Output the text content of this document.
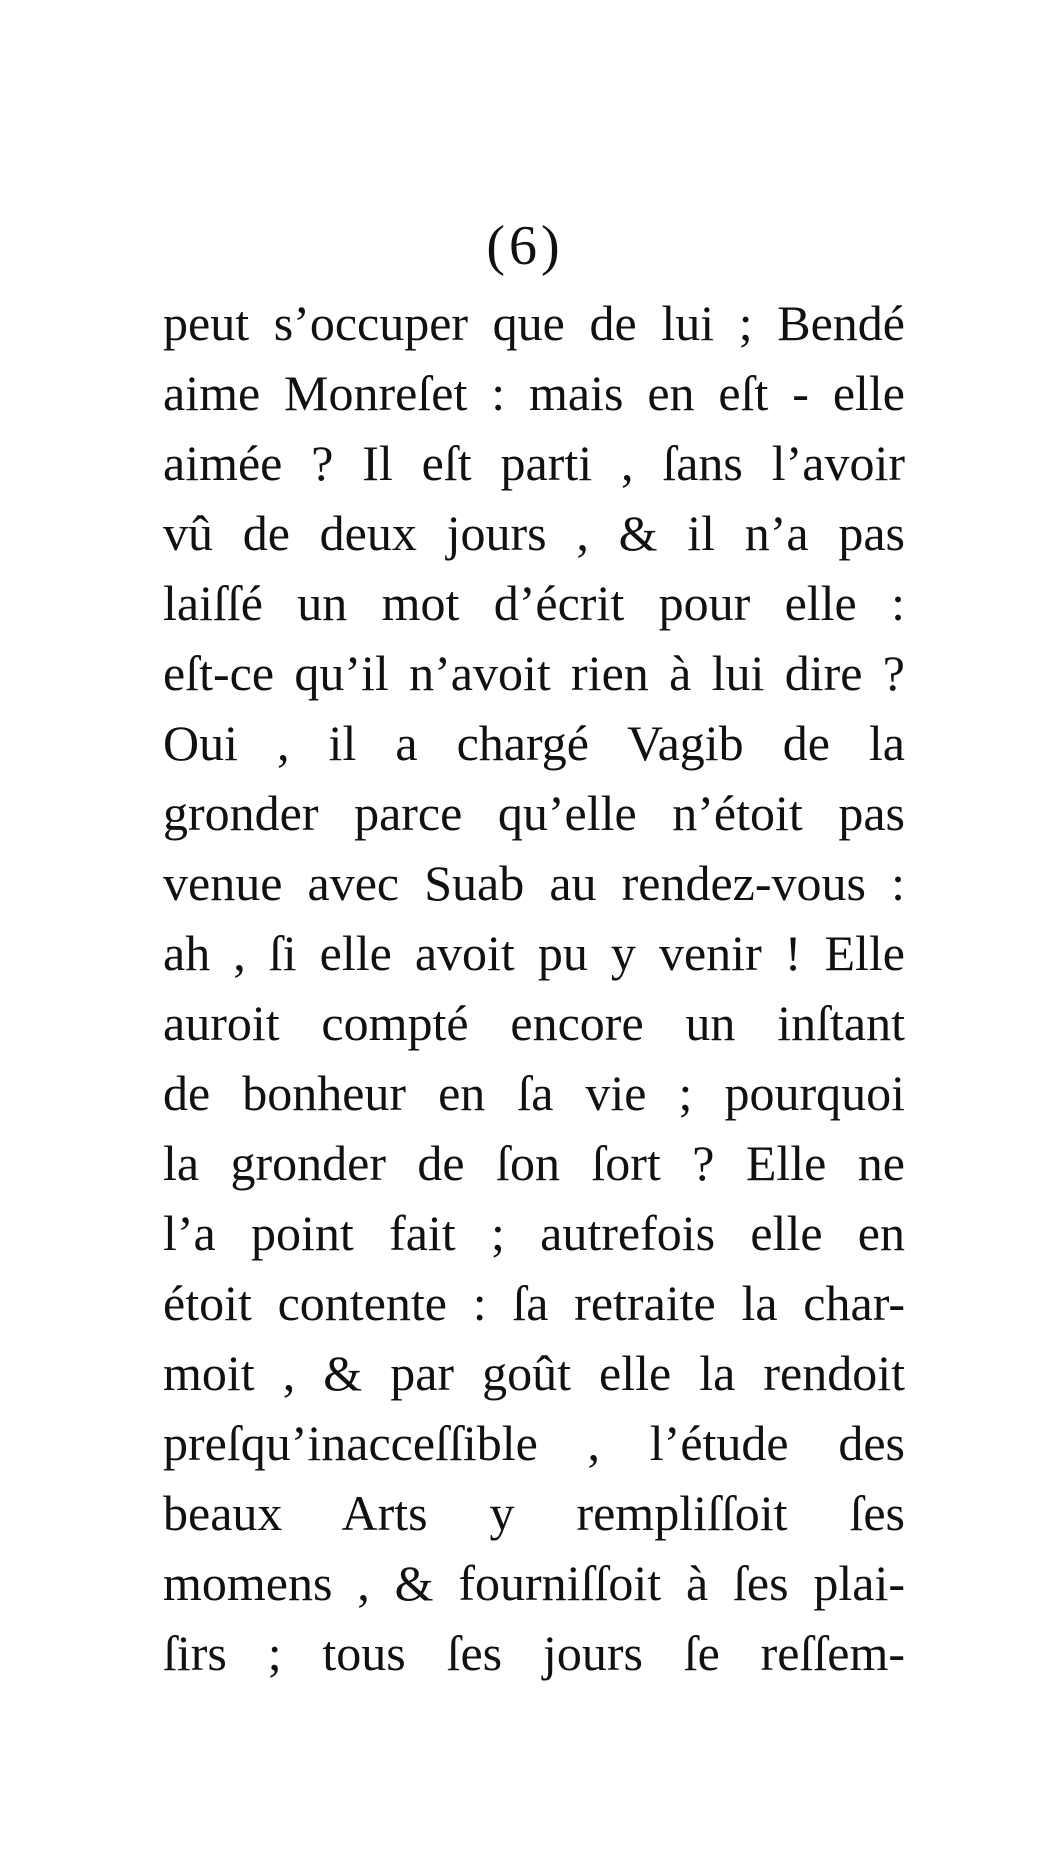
(6)
peut s’occuper que de lui ; Bendé
aime Monreſet : mais en eſt - elle
aimée ? Il eſt parti , ſans l’avoir
vû de deux jours , & il n’a pas
laiſſé un mot d’écrit pour elle :
eſt-ce qu’il n’avoit rien à lui dire ?
Oui , il a chargé Vagib de la
gronder parce qu’elle n’étoit pas
venue avec Suab au rendez-vous :
ah , ſi elle avoit pu y venir ! Elle
auroit compté encore un inſtant
de bonheur en ſa vie ; pourquoi
la gronder de ſon ſort ? Elle ne
l’a point fait ; autrefois elle en
étoit contente : ſa retraite la char-
moit , & par goût elle la rendoit
preſqu’inacceſſible , l’étude des
beaux Arts y rempliſſoit ſes
momens , & fourniſſoit à ſes plai-
ſirs ; tous ſes jours ſe reſſem-
